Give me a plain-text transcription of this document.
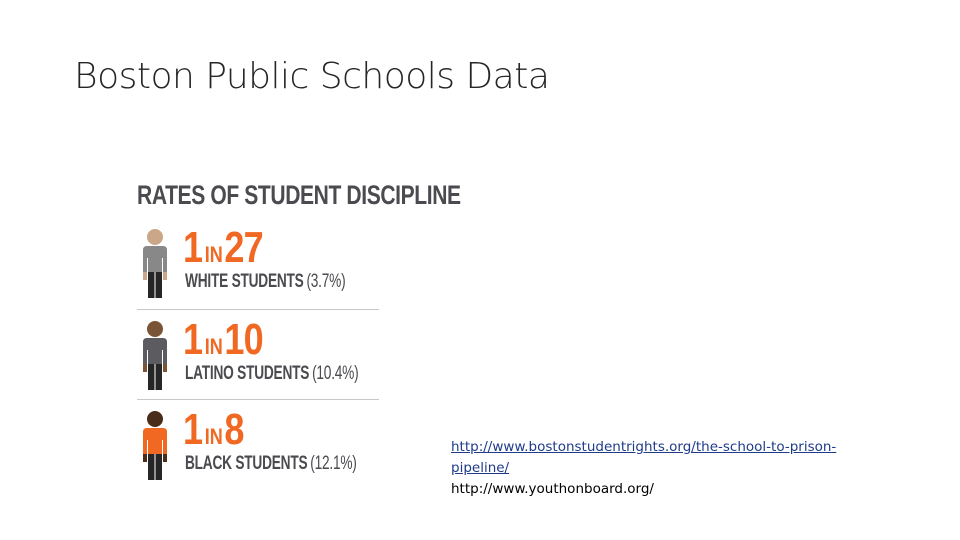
Boston Public Schools Data
RATES OF STUDENT DISCIPLINE
1 IN27
WHITE STUDENTS (3.7%)
1 IN10
LATINO STUDENTS (10.4%)
1 IN8
BLACK STUDENTS (12.1%)
http://www.bostonstudentrights.org/the-school-to-prison-
pipeline/
http://www.youthonboard.org/
